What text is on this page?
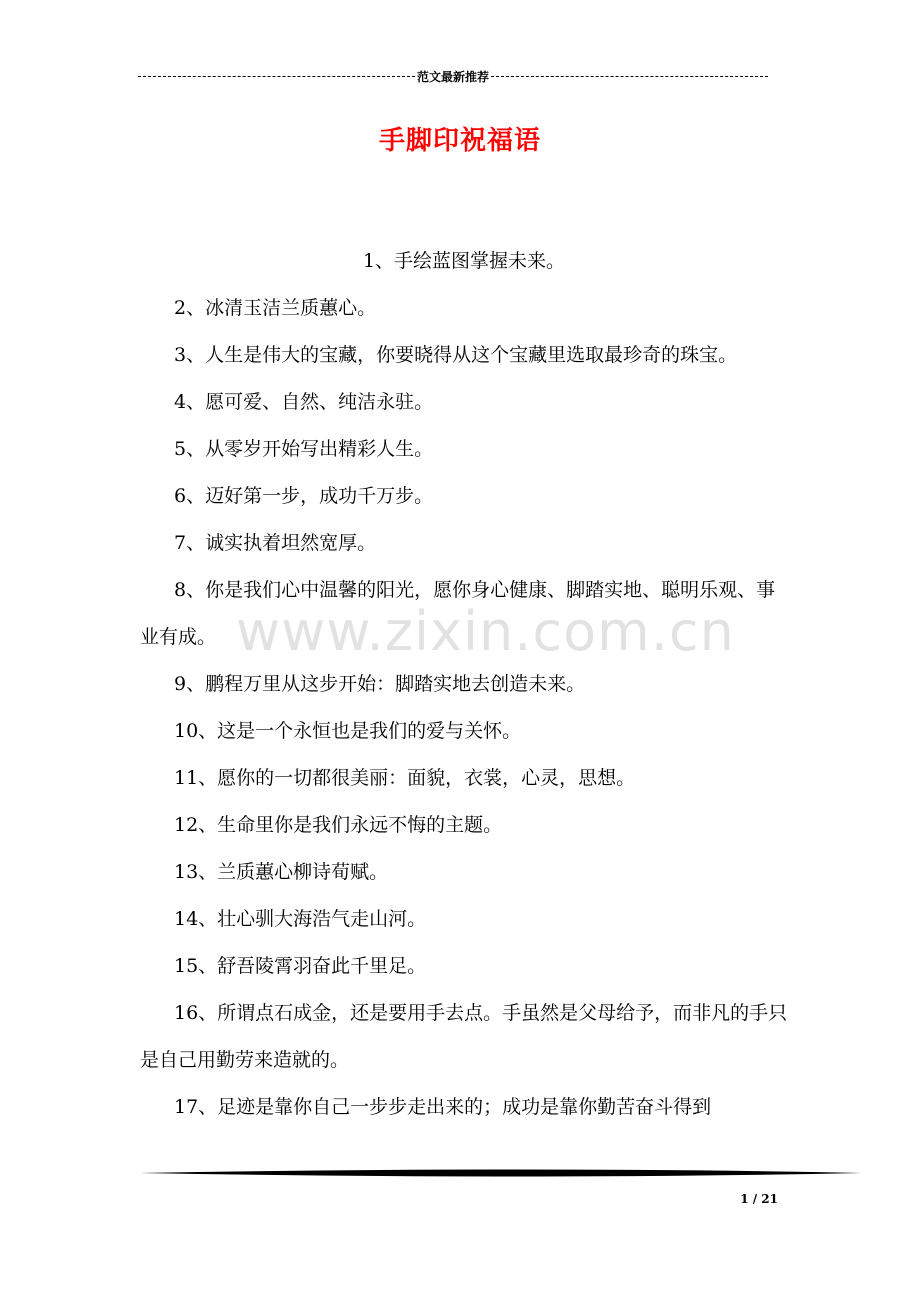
范文最新推荐
手脚印祝福语

1、手绘蓝图掌握未来。

2、冰清玉洁兰质蕙心。

3、人生是伟大的宝藏，你要晓得从这个宝藏里选取最珍奇的珠宝。

4、愿可爱、自然、纯洁永驻。

5、从零岁开始写出精彩人生。

6、迈好第一步，成功千万步。

7、诚实执着坦然宽厚。

8、你是我们心中温馨的阳光，愿你身心健康、脚踏实地、聪明乐观、事业有成。

9、鹏程万里从这步开始：脚踏实地去创造未来。

10、这是一个永恒也是我们的爱与关怀。

11、愿你的一切都很美丽：面貌，衣裳，心灵，思想。

12、生命里你是我们永远不悔的主题。

13、兰质蕙心柳诗荀赋。

14、壮心驯大海浩气走山河。

15、舒吾陵霄羽奋此千里足。

16、所谓点石成金，还是要用手去点。手虽然是父母给予，而非凡的手只是自己用勤劳来造就的。

17、足迹是靠你自己一步步走出来的；成功是靠你勤苦奋斗得到

www.zixin.com.cn
1 / 21
